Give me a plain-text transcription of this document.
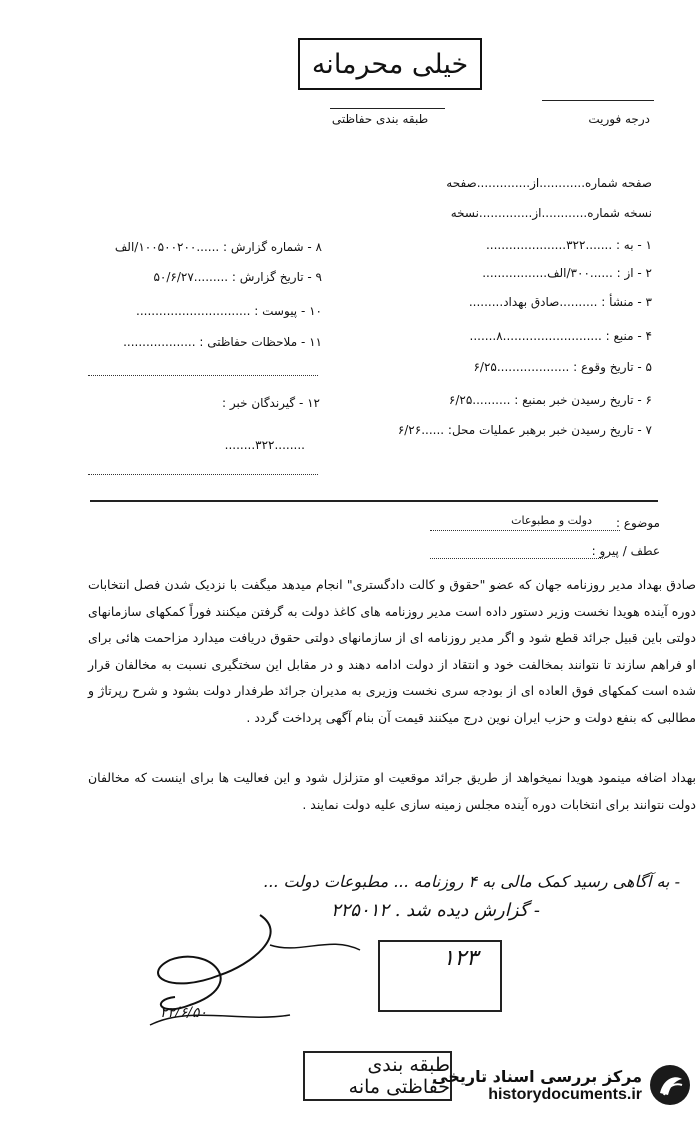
خیلی محرمانه
درجه فوریت
طبقه بندی حفاظتی
صفحه شماره............از..............صفحه
نسخه شماره............از..............نسخه
۱ - به : .......۳۲۲.....................
۲ - از : ......۳۰۰/الف.................
۳ - منشأ : ..........صادق بهداد.........
۴ - منبع : ..........................۸.......
۵ - تاریخ وقوع : ...................۶/۲۵
۶ - تاریخ رسیدن خبر بمنبع : ..........۶/۲۵
۷ - تاریخ رسیدن خبر برهبر عملیات محل: ......۶/۲۶
۸ - شماره گزارش : ......۱۰۰۵۰۰۲۰۰/الف
۹ - تاریخ گزارش : .........۵۰/۶/۲۷
۱۰ - پیوست : ..............................
۱۱ - ملاحظات حفاظتی : ...................
۱۲ - گیرندگان خبر :
........۳۲۲........
موضوع :
دولت و مطبوعات
عطف / پیرو :
صادق بهداد مدیر روزنامه جهان که عضو "حقوق و کالت دادگستری" انجام میدهد میگفت با نزدیک شدن فصل انتخابات دوره آینده هویدا نخست وزیر دستور داده است مدیر روزنامه های کاغذ دولت به گرفتن میکنند فوراً کمکهای سازمانهای دولتی باین قبیل جرائد قطع شود و اگر مدیر روزنامه ای از سازمانهای دولتی حقوق دریافت میدارد مزاحمت هائی برای او فراهم سازند تا نتوانند بمخالفت خود و انتقاد از دولت ادامه دهند و در مقابل این سختگیری نسبت به مخالفان قرار شده است کمکهای فوق العاده ای از بودجه سری نخست وزیری به مدیران جرائد طرفدار دولت بشود و شرح رپرتاژ و مطالبی که بنفع دولت و حزب ایران نوین درج میکنند قیمت آن بنام آگهی پرداخت گردد .
بهداد اضافه مینمود هویدا نمیخواهد از طریق جرائد موقعیت او متزلزل شود و این فعالیت ها برای اینست که مخالفان دولت نتوانند برای انتخابات دوره آینده مجلس زمینه سازی علیه دولت نمایند .
- به آگاهی رسید کمک مالی به ۴ روزنامه ... مطبوعات دولت ...
- گزارش دیده شد . ۲۲۵۰۱۲
۲۲/۶/۵۰
۱۲۳
طبقه بندی حفاظتی مانه
مرکز بررسی اسناد تاریخی
historydocuments.ir
